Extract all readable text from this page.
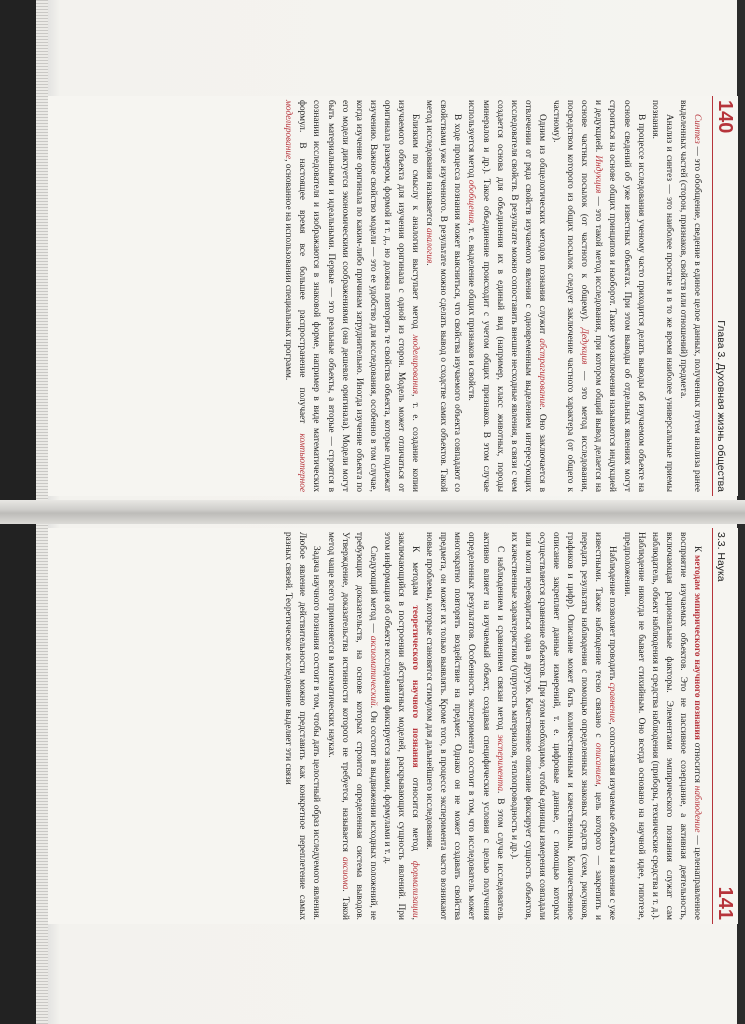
140
Глава 3. Духовная жизнь общества

Синтез — это обобщение, сведение в единое целое данных, полученных путем анализа ранее выделенных частей (сторон, признаков, свойств или отношений) предмета.

Анализ и синтез — это наиболее простые и в то же время наиболее универсальные приемы познания.

В процессе исследования ученому часто приходится делать выводы об изучаемом объекте на основе сведений об уже известных объектах. При этом выводы об отдельных явлениях могут строиться на основе общих принципов и наоборот. Такие умозаключения называются индукцией и дедукцией. Индукция — это такой метод исследования, при котором общий вывод делается на основе частных посылок (от частного к общему). Дедукция — это метод исследования, посредством которого из общих посылок следует заключение частного характера (от общего к частному).

Одним из общелогических методов познания служит абстрагирование. Оно заключается в отвлечении от ряда свойств изучаемого явления с одновременным выделением интересующих исследователя свойств. В результате можно сопоставить внешне несходные явления, в связи с чем создается основа для объединения их в единый вид (например, класс животных, породы минералов и др.). Такое объединение происходит с учетом общих признаков. В этом случае используется метод обобщения, т. е. выделение общих признаков и свойств.

В ходе процесса познания может выясниться, что свойства изучаемого объекта совпадают со свойствами уже изученного. В результате можно сделать вывод о сходстве самих объектов. Такой метод исследования называется аналогия.

Близким по смыслу к аналогии выступает метод моделирования, т. е. создание копии изучаемого объекта для изучения оригинала с одной из сторон. Модель может отличаться от оригинала размером, формой и т. д., но должна повторять те свойства объекта, которые подлежат изучению. Важное свойство модели — это ее удобство для исследования, особенно в том случае, когда изучение оригинала по каким-либо причинам затруднительно. Иногда изучение объекта по его модели диктуется экономическими соображениями (она дешевле оригинала). Модели могут быть материальными и идеальными. Первые — это реальные объекты, а вторые — строятся в сознании исследователя и изображаются в знаковой форме, например в виде математических формул. В настоящее время все большее распространение получает компьютерное моделирование, основанное на использовании специальных программ.

3.3. Наука
141

К методам эмпирического научного познания относится наблюдение — целенаправленное восприятие изучаемых объектов. Это не пассивное созерцание, а активная деятельность, включающая рациональные факторы. Элементами эмпирического познания служат сам наблюдатель, объект наблюдения и средства наблюдения (приборы, технические средства и т. д.). Наблюдение никогда не бывает стихийным. Оно всегда основано на научной идее, гипотезе, предположении.

Наблюдение позволяет проводить сравнение, сопоставляя изучаемые объекты и явления с уже известными. Также наблюдение тесно связано с описанием, цель которого — закрепить и передать результаты наблюдения с помощью определенных знаковых средств (схем, рисунков, графиков и цифр). Описание может быть количественным и качественным. Количественное описание закрепляет данные измерений, т. е. цифровые данные, с помощью которых осуществляется сравнение объектов. При этом необходимо, чтобы единицы измерения совпадали или могли переводиться одна в другую. Качественное описание фиксирует сущность объектов, их качественные характеристики (упругость материалов, теплопроводность и др.).

С наблюдением и сравнением связан метод эксперимента. В этом случае исследователь активно влияет на изучаемый объект, создавая специфические условия с целью получения определенных результатов. Особенность эксперимента состоит в том, что исследователь может многократно повторять воздействие на предмет. Однако он не может создавать свойства предмета, он может их только выявлять. Кроме того, в процессе эксперимента часто возникают новые проблемы, которые становятся стимулом для дальнейшего исследования.

К методам теоретического научного познания относится метод формализации, заключающийся в построении абстрактных моделей, раскрывающих сущность явлений. При этом информация об объекте исследования фиксируется знаками, формулами и т. д.

Следующий метод — аксиоматический. Он состоит в выдвижении исходных положений, не требующих доказательств, на основе которых строится определенная система выводов. Утверждение, доказательства истинности которого не требуется, называется аксиома. Такой метод чаще всего применяется в математических науках.

Задача научного познания состоит в том, чтобы дать целостный образ исследуемого явления. Любое явление действительности можно представить как конкретное переплетение самых разных связей. Теоретическое исследование выделяет эти связи
